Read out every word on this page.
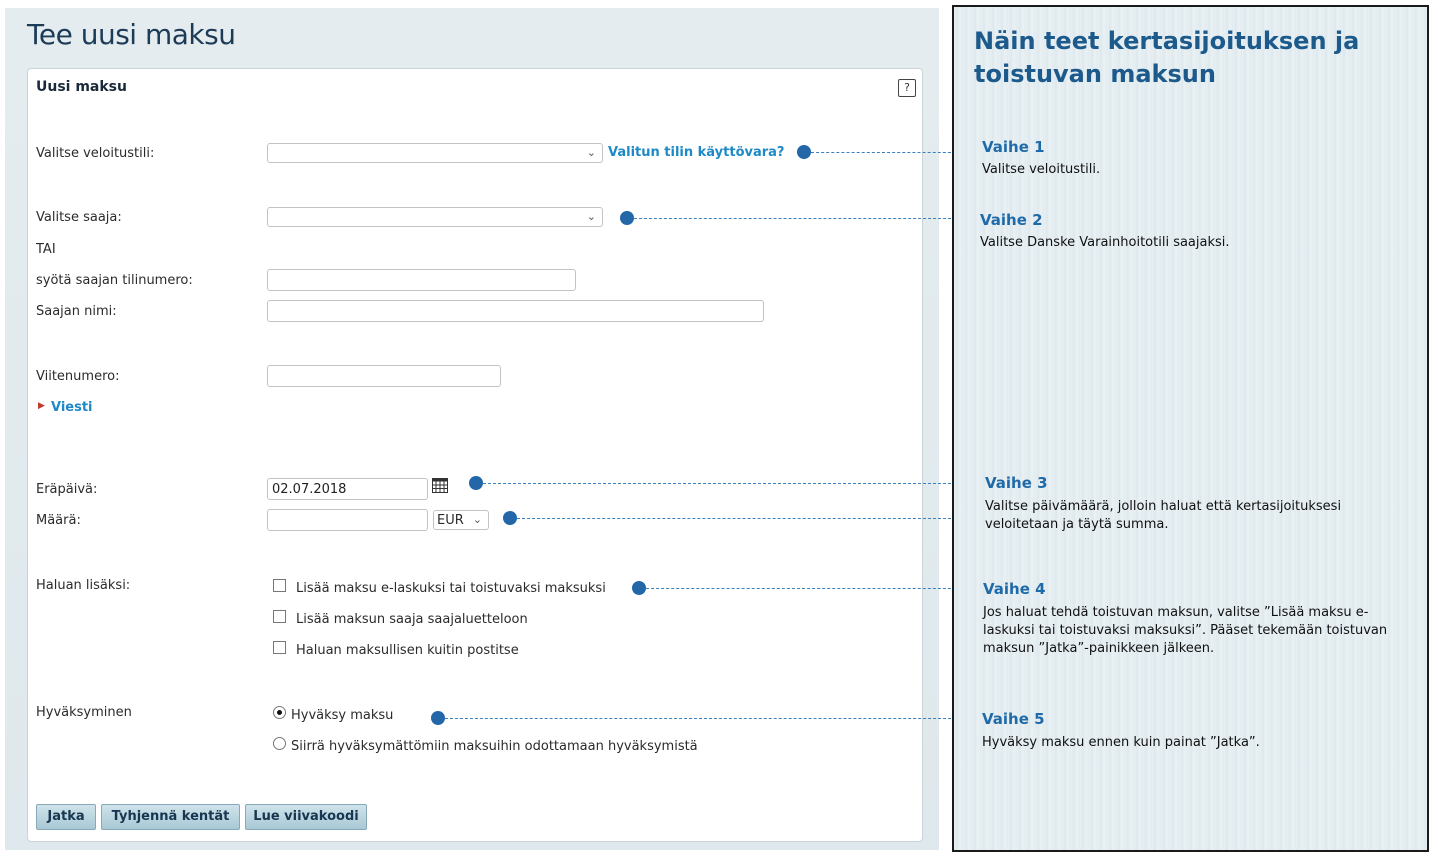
Tee uusi maksu
Uusi maksu	?
Valitse veloitustili:	⌄ Valitun tilin käyttövara?
Valitse saaja:	⌄
TAI
syötä saajan tilinumero:
Saajan nimi:
Viitenumero:
▶ Viesti
Eräpäivä:	02.07.2018
Määrä:	EUR ⌄
Haluan lisäksi:	Lisää maksu e-laskuksi tai toistuvaksi maksuksi
Lisää maksun saaja saajaluetteloon
Haluan maksullisen kuitin postitse
Hyväksyminen	Hyväksy maksu
Siirrä hyväksymättömiin maksuihin odottamaan hyväksymistä
Jatka	Tyhjennä kentät	Lue viivakoodi
Näin teet kertasijoituksen ja toistuvan maksun
Vaihe 1
Valitse veloitustili.
Vaihe 2
Valitse Danske Varainhoitotili saajaksi.
Vaihe 3
Valitse päivämäärä, jolloin haluat että kertasijoituksesi veloitetaan ja täytä summa.
Vaihe 4
Jos haluat tehdä toistuvan maksun, valitse ”Lisää maksu e-laskuksi tai toistuvaksi maksuksi”. Pääset tekemään toistuvan maksun ”Jatka”-painikkeen jälkeen.
Vaihe 5
Hyväksy maksu ennen kuin painat ”Jatka”.
